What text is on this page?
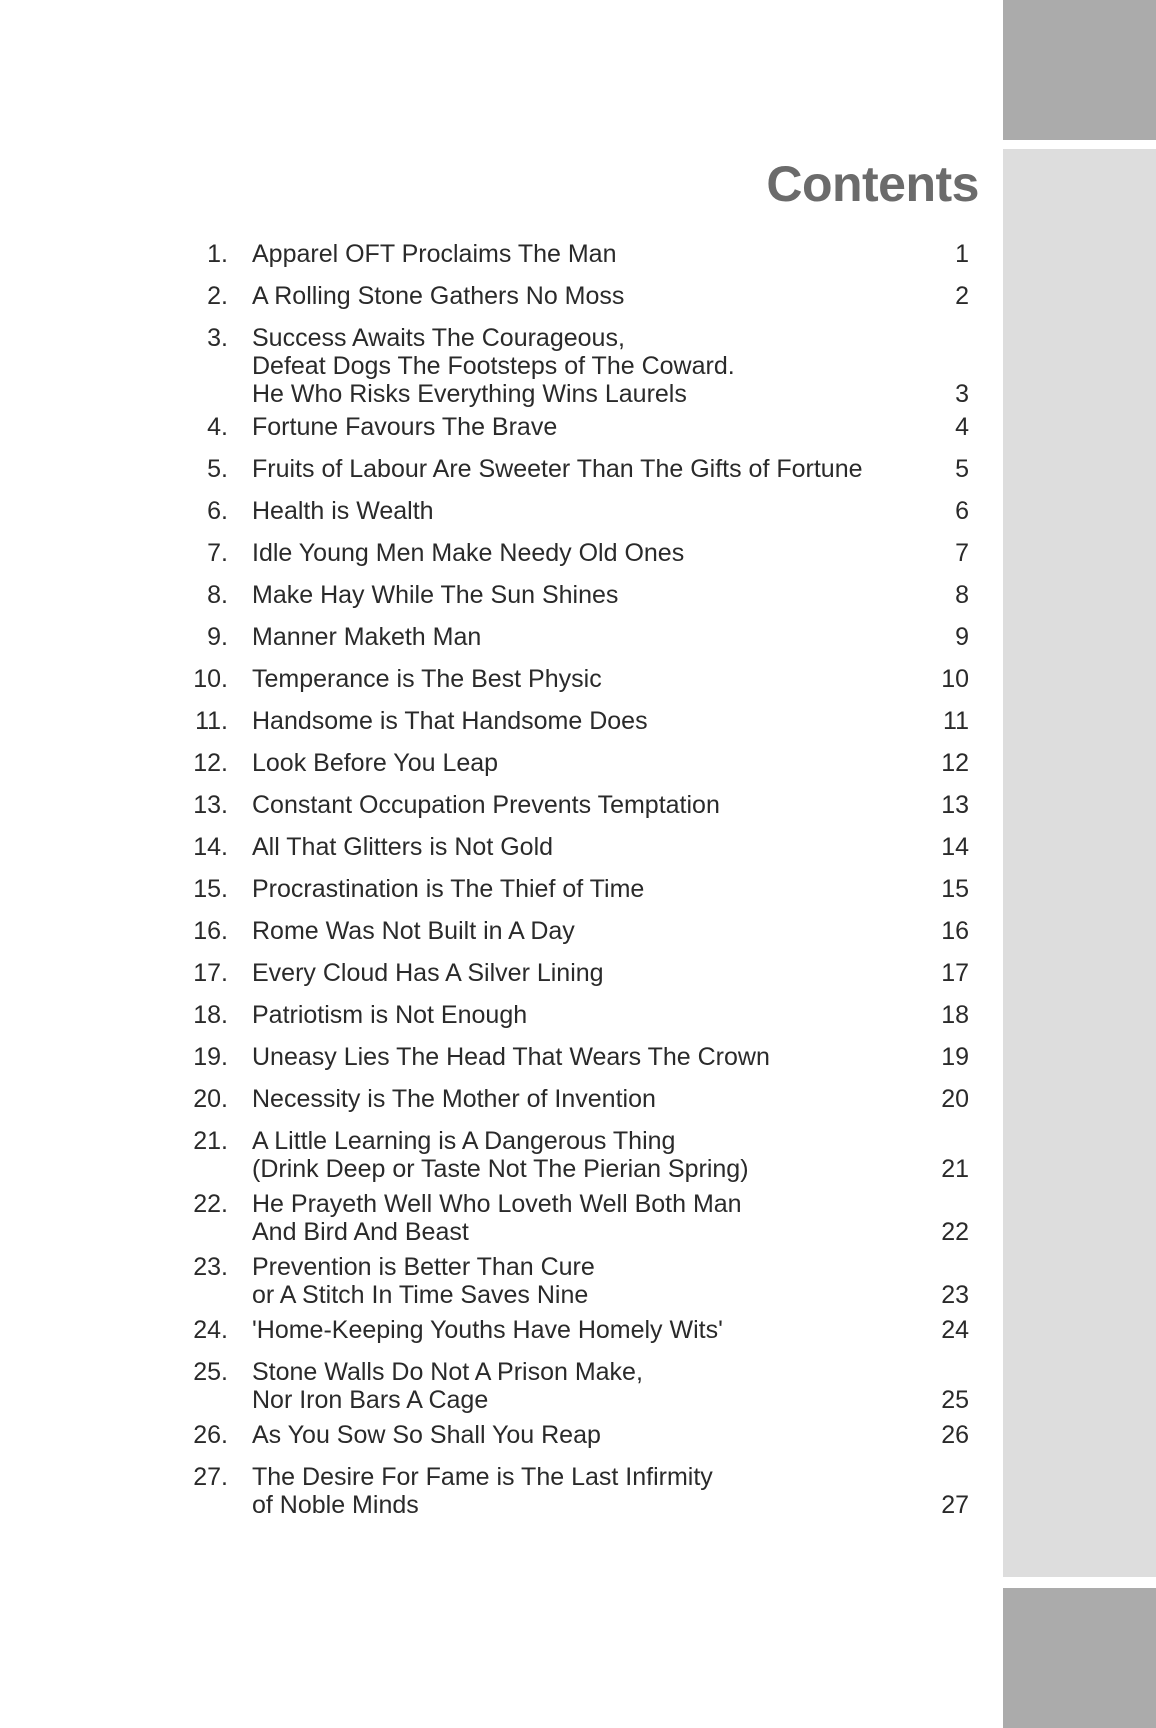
Contents
1. Apparel OFT Proclaims The Man	1
2. A Rolling Stone Gathers No Moss	2
3. Success Awaits The Courageous,
Defeat Dogs The Footsteps of The Coward.
He Who Risks Everything Wins Laurels	3
4. Fortune Favours The Brave	4
5. Fruits of Labour Are Sweeter Than The Gifts of Fortune	5
6. Health is Wealth	6
7. Idle Young Men Make Needy Old Ones	7
8. Make Hay While The Sun Shines	8
9. Manner Maketh Man	9
10. Temperance is The Best Physic	10
11. Handsome is That Handsome Does	11
12. Look Before You Leap	12
13. Constant Occupation Prevents Temptation	13
14. All That Glitters is Not Gold	14
15. Procrastination is The Thief of Time	15
16. Rome Was Not Built in A Day	16
17. Every Cloud Has A Silver Lining	17
18. Patriotism is Not Enough	18
19. Uneasy Lies The Head That Wears The Crown	19
20. Necessity is The Mother of Invention	20
21. A Little Learning is A Dangerous Thing
(Drink Deep or Taste Not The Pierian Spring)	21
22. He Prayeth Well Who Loveth Well Both Man
And Bird And Beast	22
23. Prevention is Better Than Cure
or A Stitch In Time Saves Nine	23
24. 'Home-Keeping Youths Have Homely Wits'	24
25. Stone Walls Do Not A Prison Make,
Nor Iron Bars A Cage	25
26. As You Sow So Shall You Reap	26
27. The Desire For Fame is The Last Infirmity
of Noble Minds	27
